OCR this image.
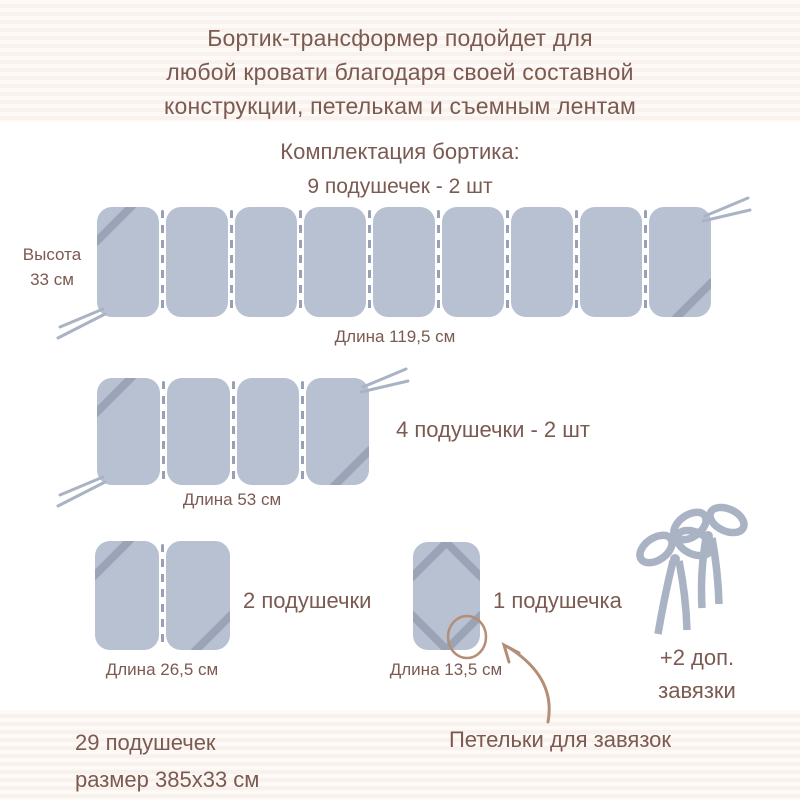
Бортик-трансформер подойдет для
любой кровати благодаря своей составной
конструкции, петелькам и съемным лентам
Комплектация бортика:
9 подушечек - 2 шт
Высота
33 см
Длина 119,5 см
4 подушечки - 2 шт
Длина 53 см
2 подушечки
Длина 26,5 см
1 подушечка
Длина 13,5 см	+2 доп.
завязки
29 подушечек
размер 385x33 см
Петельки для завязок
